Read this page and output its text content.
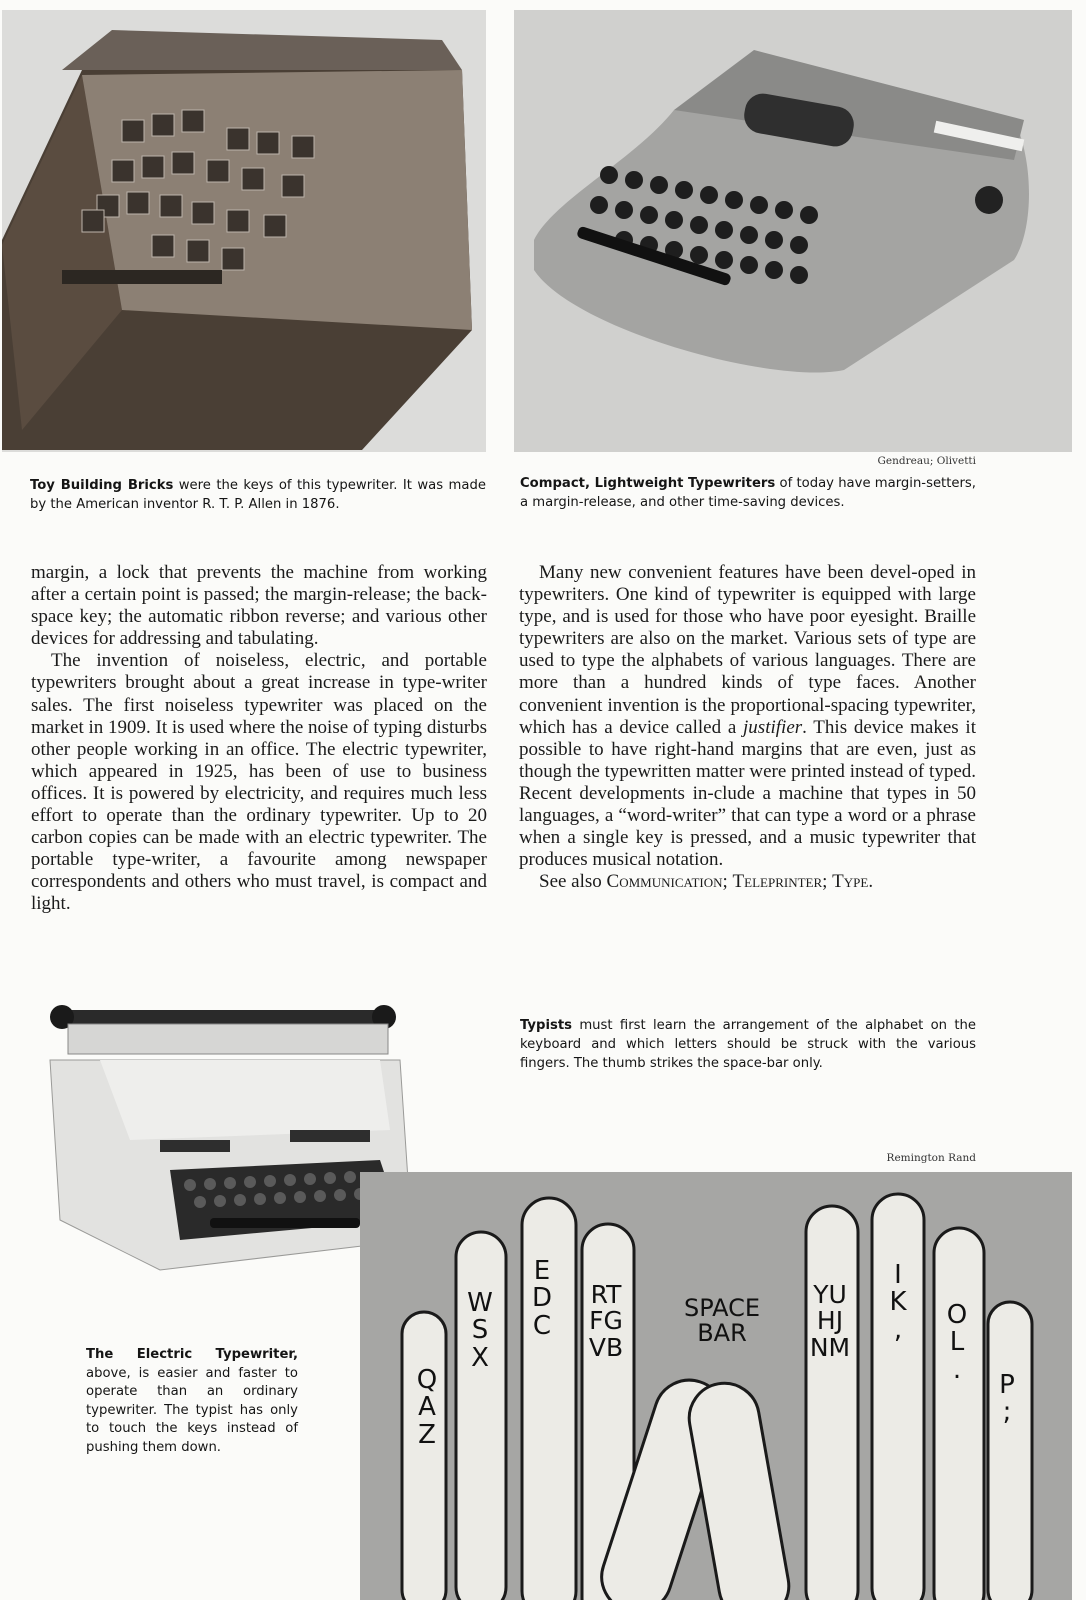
Gendreau; Olivetti
Toy Building Bricks were the keys of this typewriter. It was made by the American inventor R. T. P. Allen in 1876.
Compact, Lightweight Typewriters of today have margin-setters, a margin-release, and other time-saving devices.

margin, a lock that prevents the machine from working after a certain point is passed; the margin-release; the back-space key; the automatic ribbon reverse; and various other devices for addressing and tabulating.

The invention of noiseless, electric, and portable typewriters brought about a great increase in type-writer sales. The first noiseless typewriter was placed on the market in 1909. It is used where the noise of typing disturbs other people working in an office. The electric typewriter, which appeared in 1925, has been of use to business offices. It is powered by electricity, and requires much less effort to operate than the ordinary typewriter. Up to 20 carbon copies can be made with an electric typewriter. The portable type-writer, a favourite among newspaper correspondents and others who must travel, is compact and light.

Many new convenient features have been devel-oped in typewriters. One kind of typewriter is equipped with large type, and is used for those who have poor eyesight. Braille typewriters are also on the market. Various sets of type are used to type the alphabets of various languages. There are more than a hundred kinds of type faces. Another convenient invention is the proportional-spacing typewriter, which has a device called a justifier. This device makes it possible to have right-hand margins that are even, just as though the typewritten matter were printed instead of typed. Recent developments in-clude a machine that types in 50 languages, a “word-writer” that can type a word or a phrase when a single key is pressed, and a music typewriter that produces musical notation.

See also Communication; Teleprinter; Type.

Typists must first learn the arrangement of the alphabet on the keyboard and which letters should be struck with the various fingers. The thumb strikes the space-bar only.
Remington Rand
Q A Z
W S X
E D C
RT FG VB
SPACE BAR
YU HJ NM
I K , O L .
P ;
The Electric Typewriter, above, is easier and faster to operate than an ordinary typewriter. The typist has only to touch the keys instead of pushing them down.
